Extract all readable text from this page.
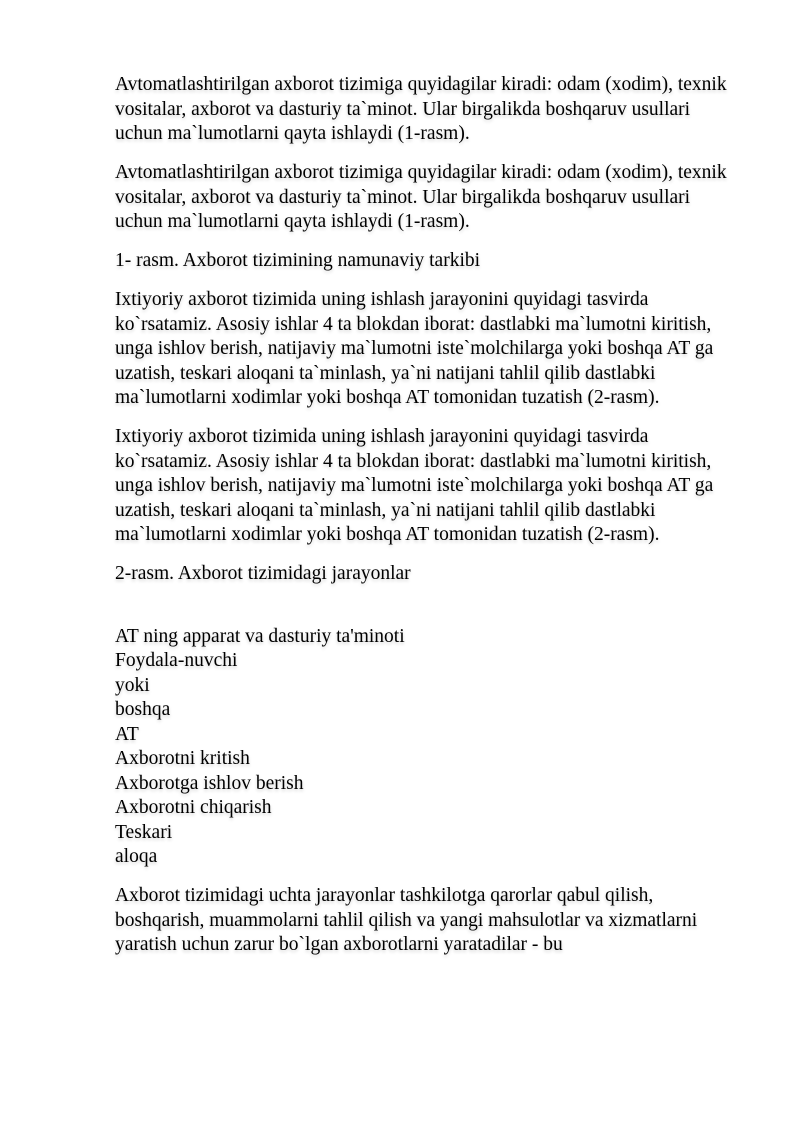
Avtomatlashtirilgan axborot tizimiga quyidagilar kiradi: odam (xodim), texnik vositalar, axborot va dasturiy ta`minot. Ular birgalikda boshqaruv usullari uchun ma`lumotlarni qayta ishlaydi (1-rasm).

Avtomatlashtirilgan axborot tizimiga quyidagilar kiradi: odam (xodim), texnik vositalar, axborot va dasturiy ta`minot. Ular birgalikda boshqaruv usullari uchun ma`lumotlarni qayta ishlaydi (1-rasm).

1- rasm. Axborot tizimining namunaviy tarkibi

Ixtiyoriy axborot tizimida uning ishlash jarayonini quyidagi tasvirda ko`rsatamiz. Asosiy ishlar 4 ta blokdan iborat: dastlabki ma`lumotni kiritish, unga ishlov berish, natijaviy ma`lumotni iste`molchilarga yoki boshqa AT ga uzatish, teskari aloqani ta`minlash, ya`ni natijani tahlil qilib dastlabki ma`lumotlarni xodimlar yoki boshqa AT tomonidan tuzatish (2-rasm).

Ixtiyoriy axborot tizimida uning ishlash jarayonini quyidagi tasvirda ko`rsatamiz. Asosiy ishlar 4 ta blokdan iborat: dastlabki ma`lumotni kiritish, unga ishlov berish, natijaviy ma`lumotni iste`molchilarga yoki boshqa AT ga uzatish, teskari aloqani ta`minlash, ya`ni natijani tahlil qilib dastlabki ma`lumotlarni xodimlar yoki boshqa AT tomonidan tuzatish (2-rasm).

2-rasm. Axborot tizimidagi jarayonlar

AT ning apparat va dasturiy ta'minoti
Foydala-nuvchi
yoki
boshqa
AT
Axborotni kritish
Axborotga ishlov berish
Axborotni chiqarish
Teskari
aloqa

Axborot tizimidagi uchta jarayonlar tashkilotga qarorlar qabul qilish, boshqarish, muammolarni tahlil qilish va yangi mahsulotlar va xizmatlarni yaratish uchun zarur bo`lgan axborotlarni yaratadilar - bu
